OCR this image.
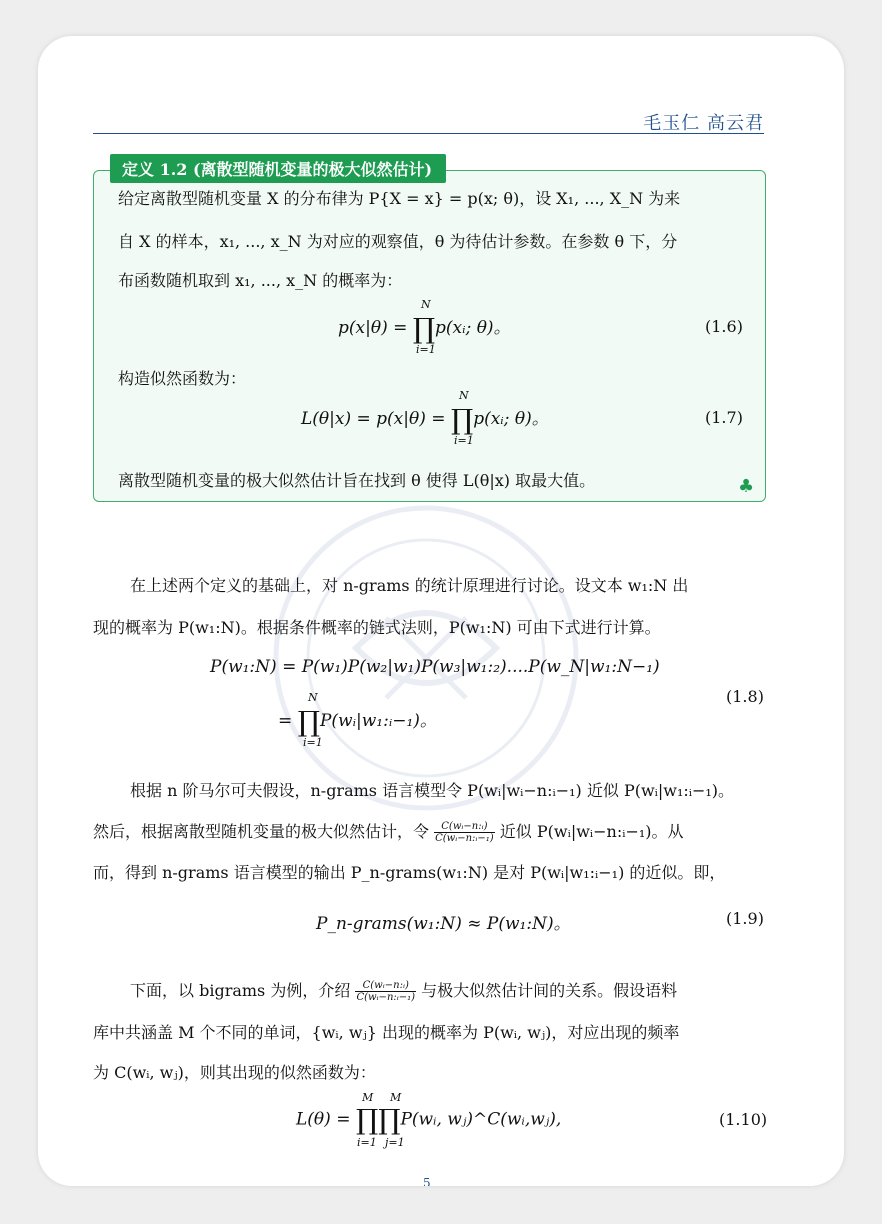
毛玉仁 高云君
定义 1.2 (离散型随机变量的极大似然估计)
给定离散型随机变量 X 的分布律为 P{X = x} = p(x; θ)，设 X₁, ..., X_N 为来
自 X 的样本，x₁, ..., x_N 为对应的观察值，θ 为待估计参数。在参数 θ 下，分
布函数随机取到 x₁, ..., x_N 的概率为：
p(x|θ) = ∏p(xᵢ; θ)。
N
i=1
(1.6)
构造似然函数为：
L(θ|x) = p(x|θ) = ∏p(xᵢ; θ)。
N
i=1
(1.7)
离散型随机变量的极大似然估计旨在找到 θ 使得 L(θ|x) 取最大值。	♣
在上述两个定义的基础上，对 n-grams 的统计原理进行讨论。设文本 w₁:N 出
现的概率为 P(w₁:N)。根据条件概率的链式法则，P(w₁:N) 可由下式进行计算。
P(w₁:N) = P(w₁)P(w₂|w₁)P(w₃|w₁:₂)....P(w_N|w₁:N−₁)
= ∏P(wᵢ|w₁:ᵢ−₁)。
N
i=1
(1.8)
根据 n 阶马尔可夫假设，n-grams 语言模型令 P(wᵢ|wᵢ−n:ᵢ−₁) 近似 P(wᵢ|w₁:ᵢ−₁)。
然后，根据离散型随机变量的极大似然估计，令 $\frac{\text{C(wᵢ−n:ᵢ)}}{\text{C(wᵢ−n:ᵢ−₁)}}$ 近似 P(wᵢ|wᵢ−n:ᵢ−₁)。从
而，得到 n-grams 语言模型的输出 P_n-grams(w₁:N) 是对 P(wᵢ|w₁:ᵢ−₁) 的近似。即，
P_n-grams(w₁:N) ≈ P(w₁:N)。	(1.9)
下面，以 bigrams 为例，介绍 $\frac{\text{C(wᵢ−n:ᵢ)}}{\text{C(wᵢ−n:ᵢ−₁)}}$ 与极大似然估计间的关系。假设语料
库中共涵盖 M 个不同的单词，{wᵢ, wⱼ} 出现的概率为 P(wᵢ, wⱼ)，对应出现的频率
为 C(wᵢ, wⱼ)，则其出现的似然函数为：
L(θ) = ∏∏P(wᵢ, wⱼ)^C(wᵢ,wⱼ),
M
i=1
M
j=1
(1.10)
5
